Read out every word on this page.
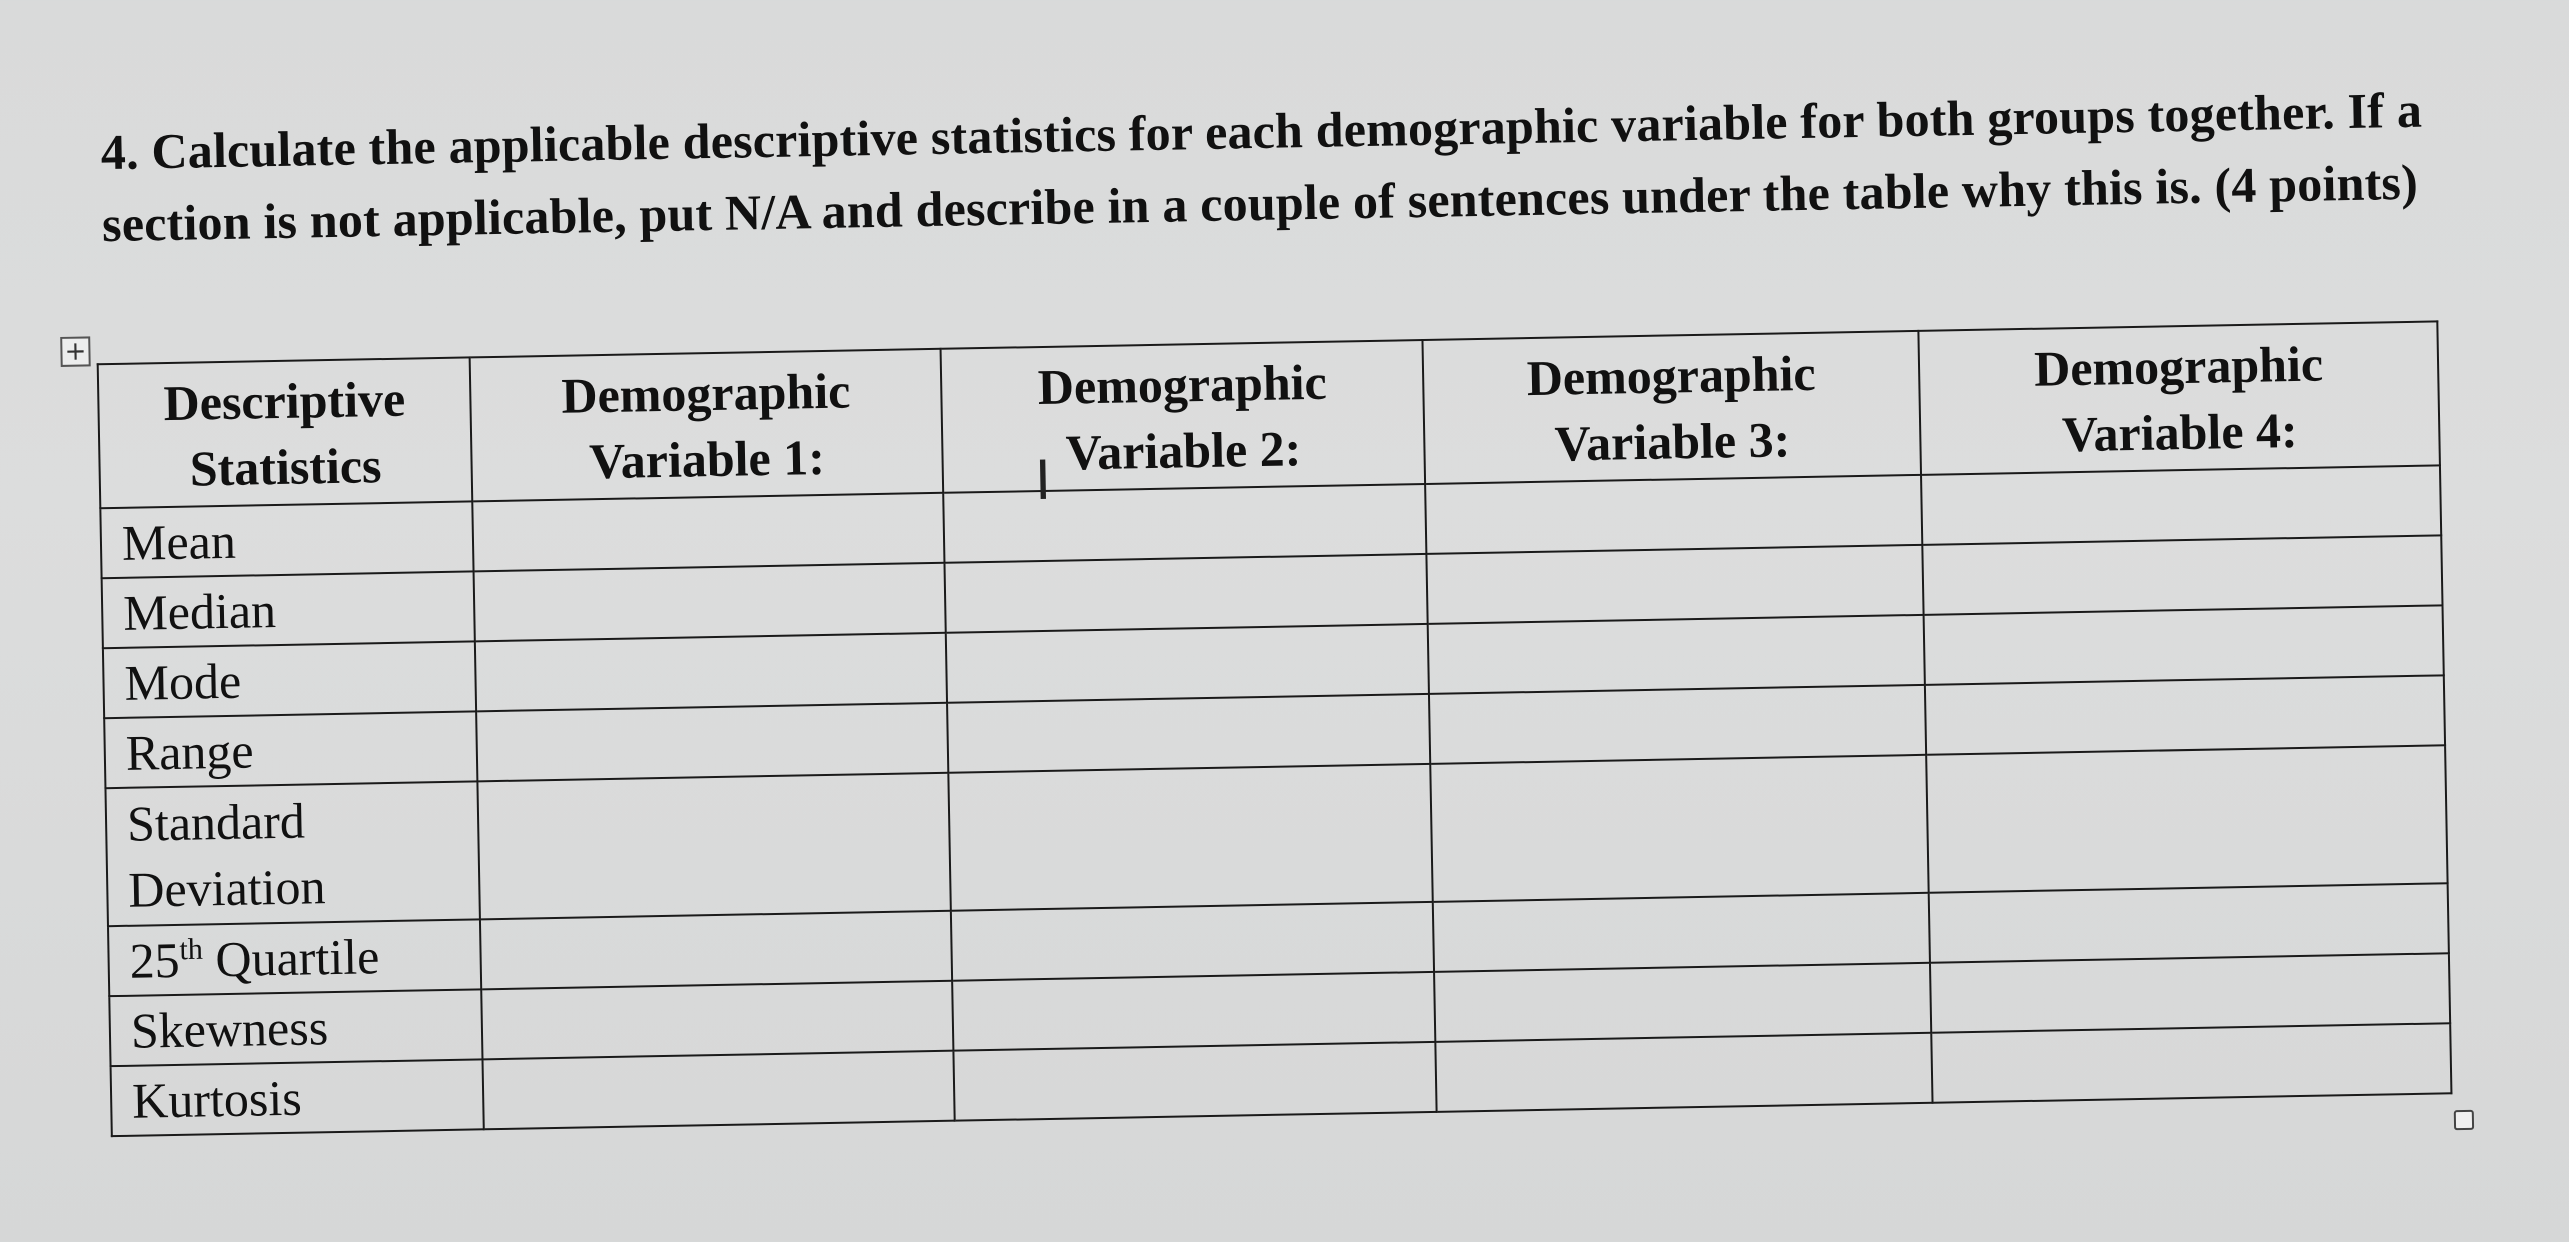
4. Calculate the applicable descriptive statistics for each demographic variable for both groups together. If a section is not applicable, put N/A and describe in a couple of sentences under the table why this is. (4 points)

+
Descriptive Statistics	Demographic Variable 1:	Demographic Variable 2:	Demographic Variable 3:	Demographic Variable 4:
Mean				
Median				
Mode				
Range				
Standard Deviation				
25th Quartile				
Skewness				
Kurtosis				
I
